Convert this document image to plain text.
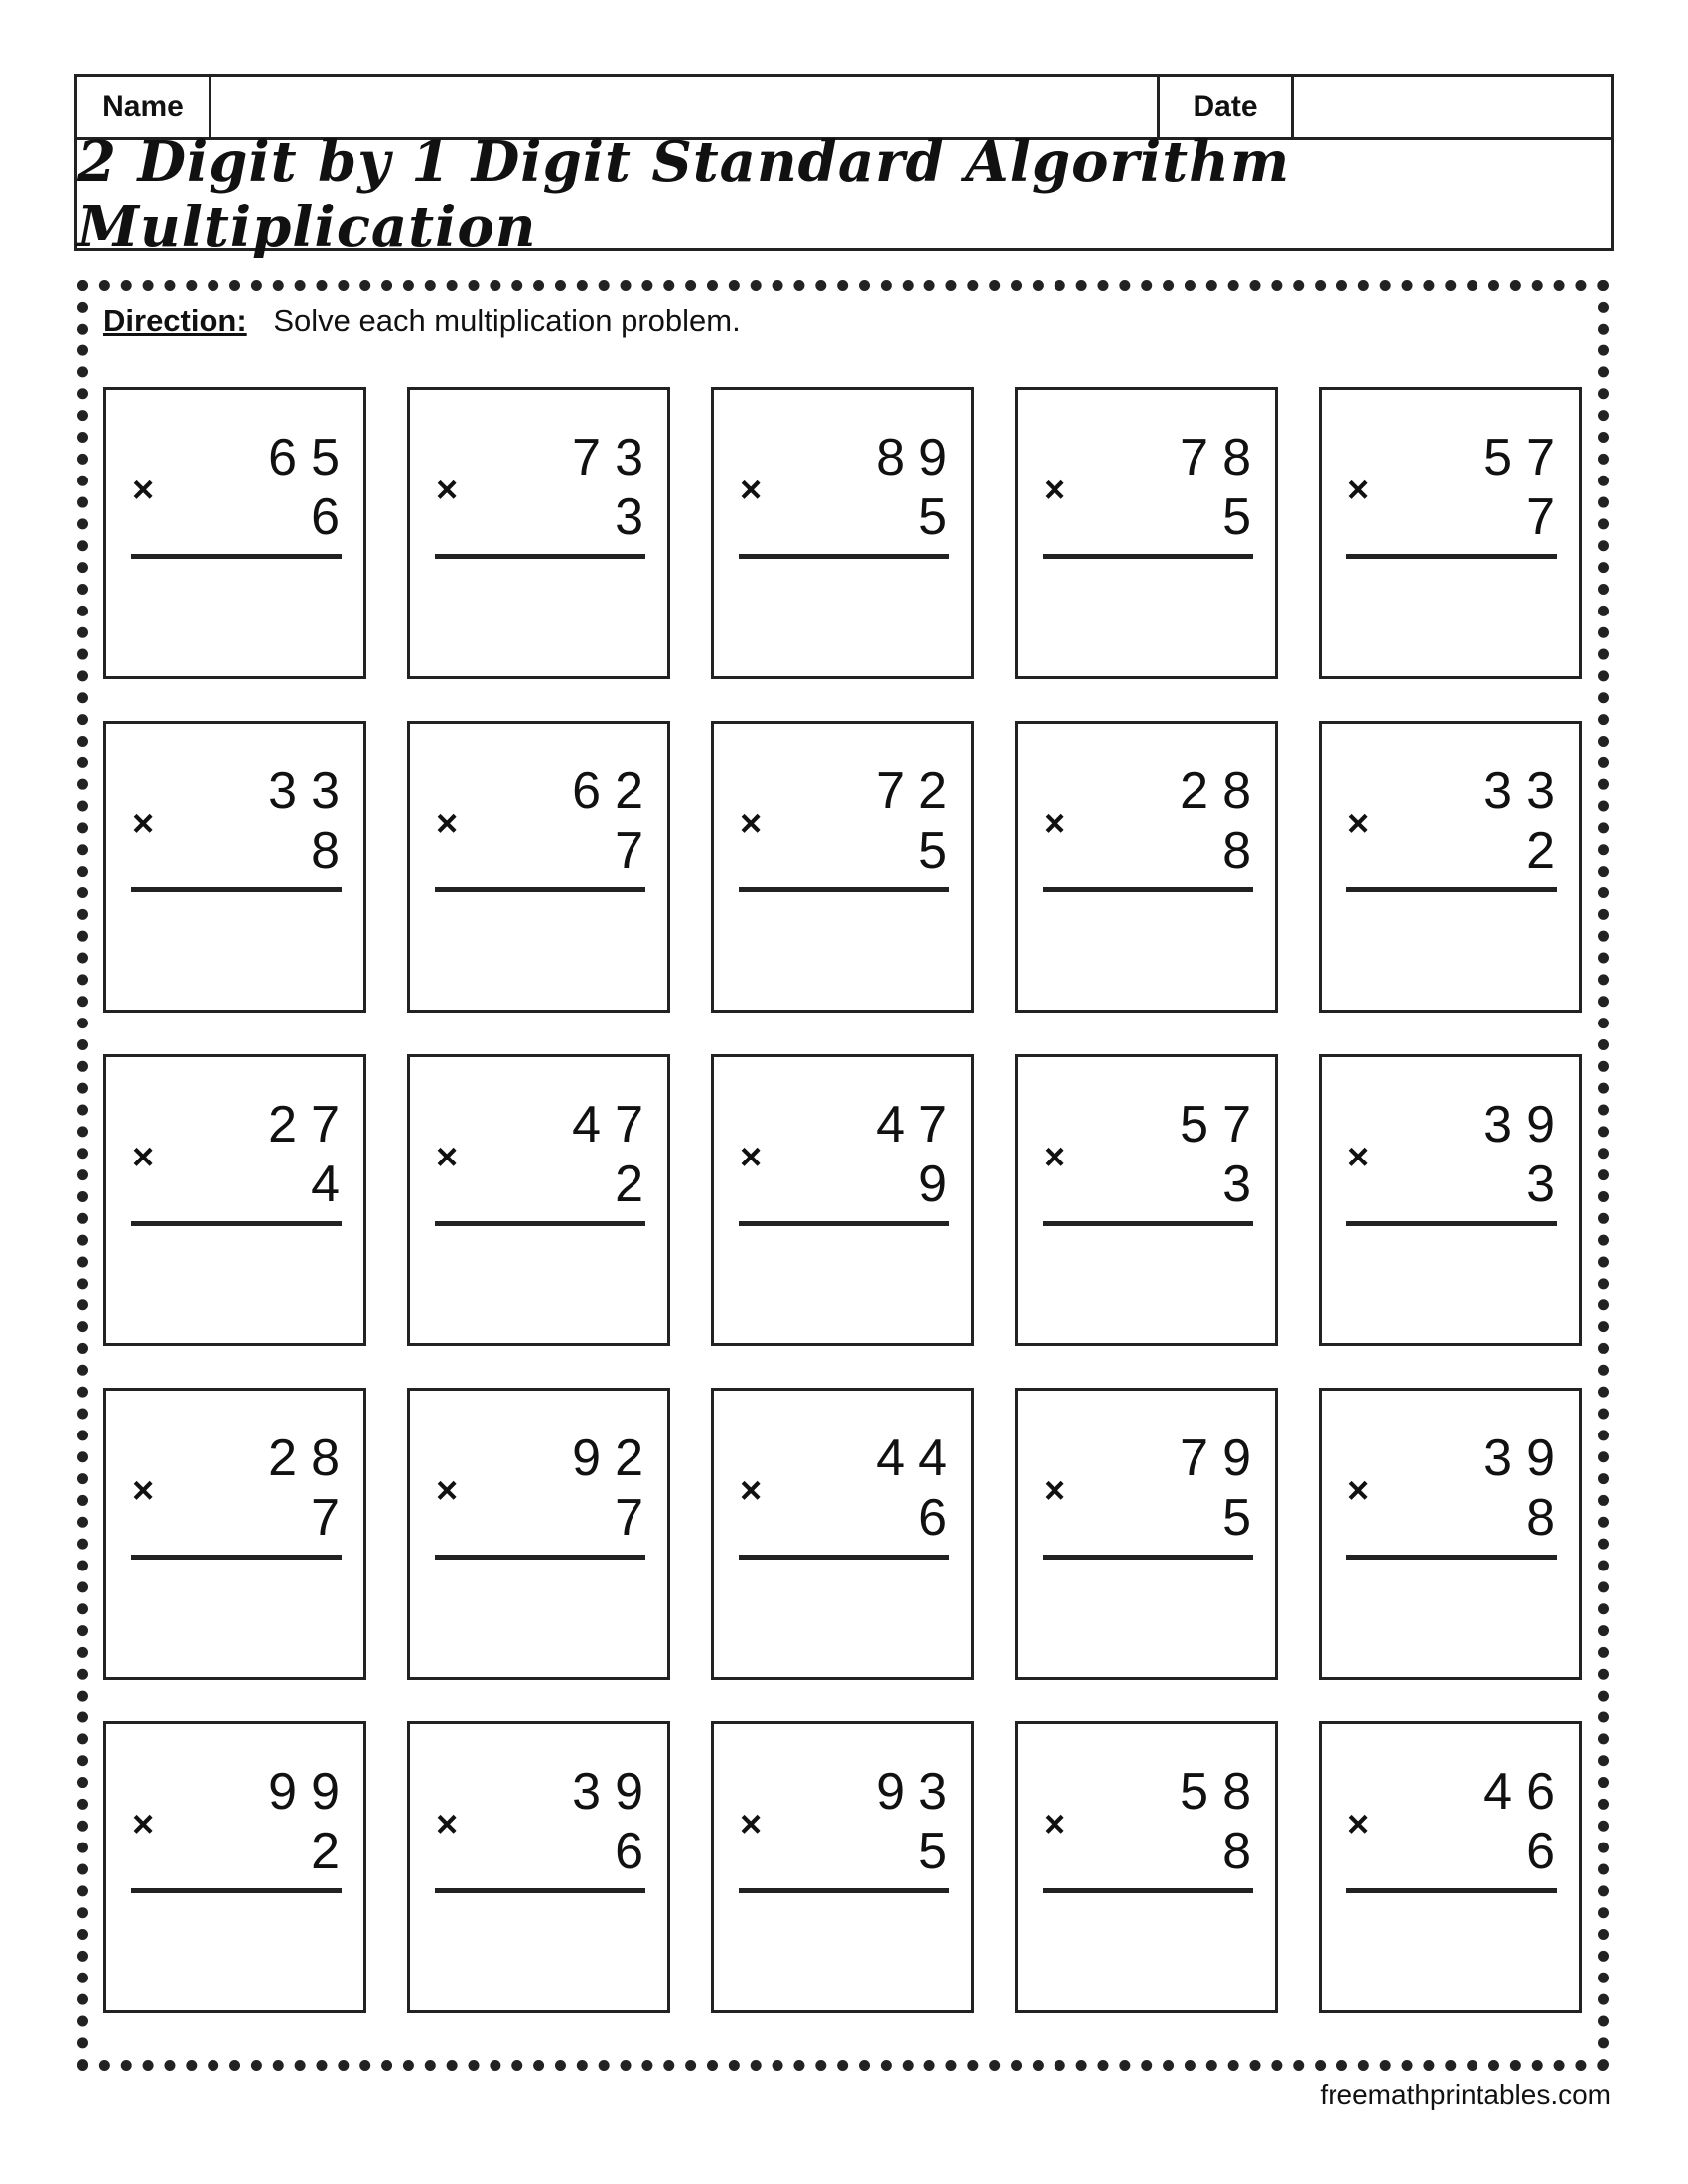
Name	Date
2 Digit by 1 Digit Standard Algorithm Multiplication
Direction: Solve each multiplication problem.
×
65
6 ×
73
3 ×
89
5 ×
78
5 ×
57
7
×
33
8 ×
62
7 ×
72
5 ×
28
8 ×
33
2
×
27
4 ×
47
2 ×
47
9 ×
57
3 ×
39
3
×
28
7 ×
92
7 ×
44
6 ×
79
5 ×
39
8
×
99
2 ×
39
6 ×
93
5 ×
58
8 ×
46
6
freemathprintables.com
